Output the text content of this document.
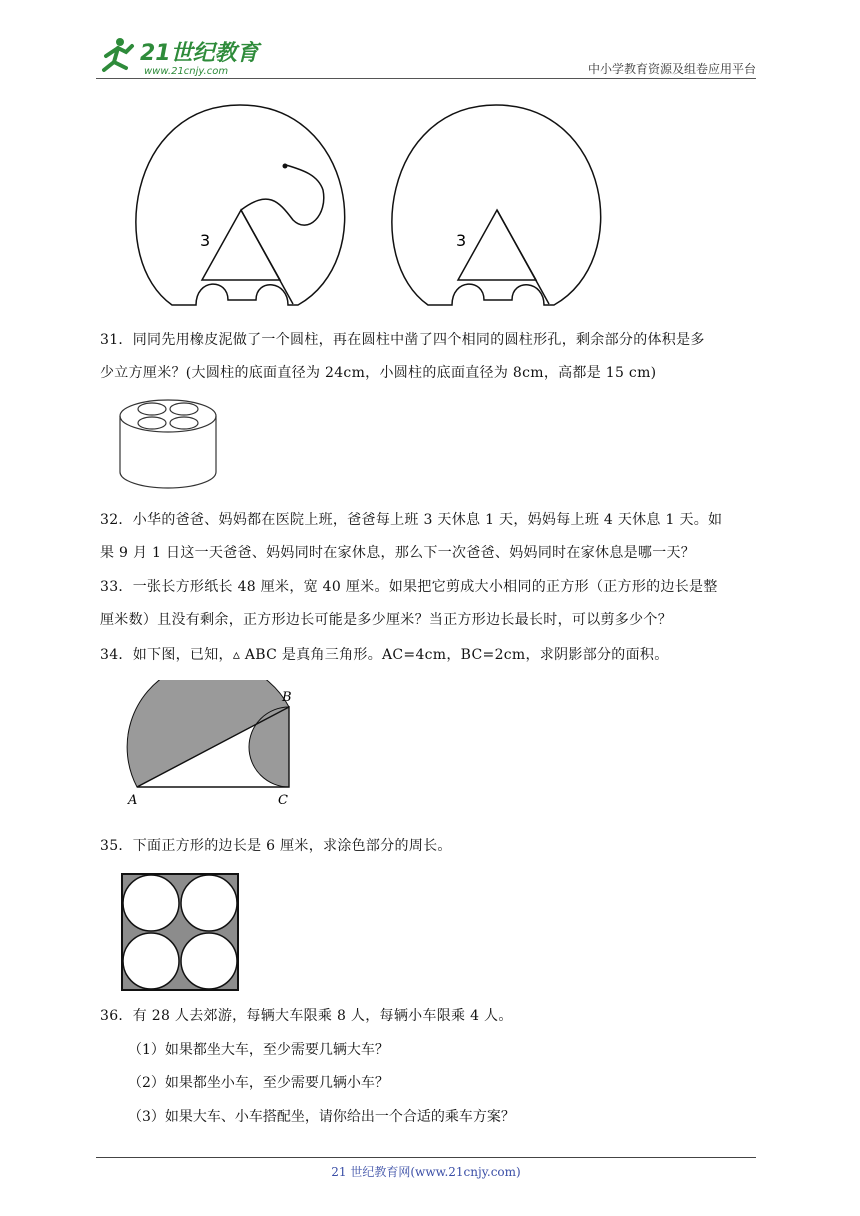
21世纪教育
www.21cnjy.com	中小学教育资源及组卷应用平台
3	3
31．同同先用橡皮泥做了一个圆柱，再在圆柱中凿了四个相同的圆柱形孔，剩余部分的体积是多
少立方厘米？(大圆柱的底面直径为 24cm，小圆柱的底面直径为 8cm，高都是 15 cm)
32．小华的爸爸、妈妈都在医院上班，爸爸每上班 3 天休息 1 天，妈妈每上班 4 天休息 1 天。如
果 9 月 1 日这一天爸爸、妈妈同时在家休息，那么下一次爸爸、妈妈同时在家休息是哪一天？
33．一张长方形纸长 48 厘米，宽 40 厘米。如果把它剪成大小相同的正方形（正方形的边长是整
厘米数）且没有剩余，正方形边长可能是多少厘米？当正方形边长最长时，可以剪多少个？
34．如下图，已知，▵ ABC 是真角三角形。AC=4cm，BC=2cm，求阴影部分的面积。
A
B
C
35．下面正方形的边长是 6 厘米，求涂色部分的周长。
36．有 28 人去郊游，每辆大车限乘 8 人，每辆小车限乘 4 人。
（1）如果都坐大车，至少需要几辆大车？
（2）如果都坐小车，至少需要几辆小车？
（3）如果大车、小车搭配坐，请你给出一个合适的乘车方案？
21 世纪教育网(www.21cnjy.com)
